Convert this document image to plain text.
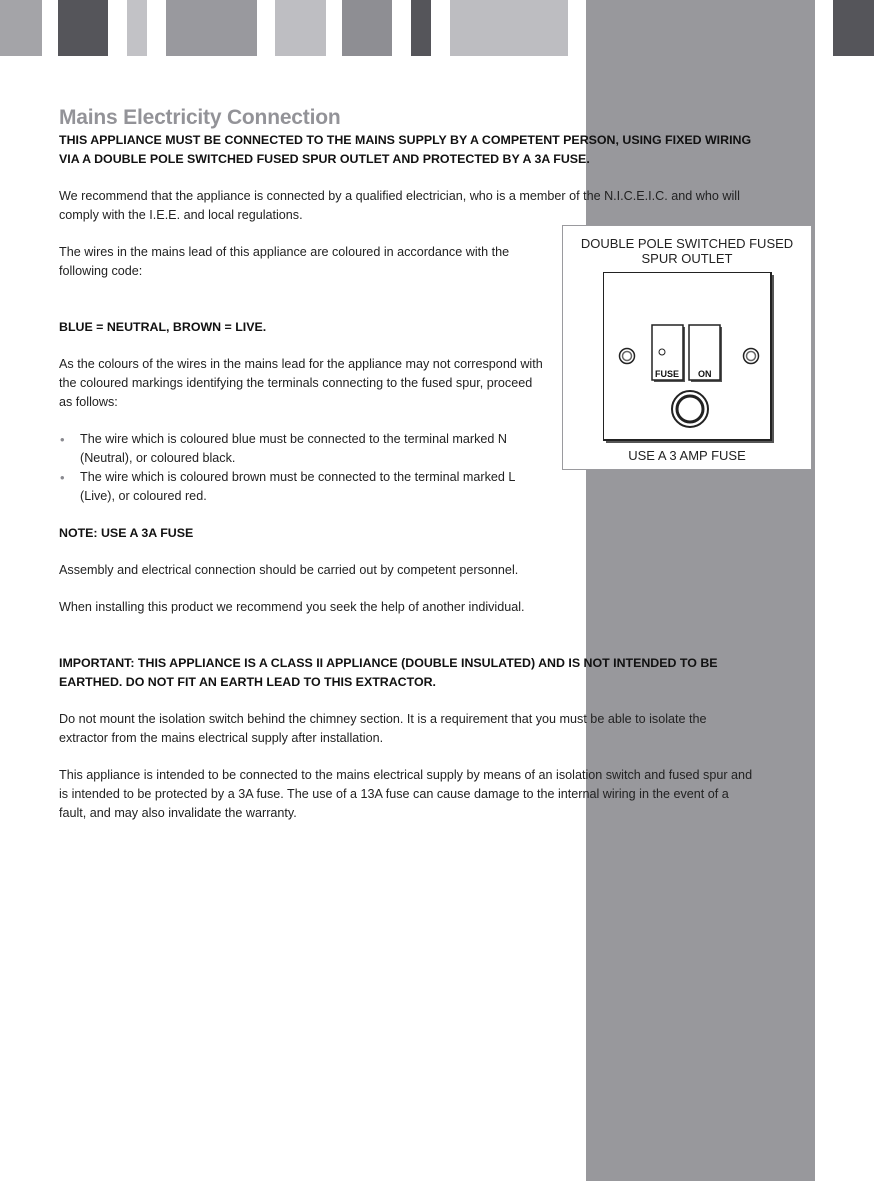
Mains Electricity Connection

THIS APPLIANCE MUST BE CONNECTED TO THE MAINS SUPPLY BY A COMPETENT PERSON, USING FIXED WIRING VIA A DOUBLE POLE SWITCHED FUSED SPUR OUTLET AND PROTECTED BY A 3A FUSE.

We recommend that the appliance is connected by a qualified electrician, who is a member of the N.I.C.E.I.C. and who will comply with the I.E.E. and local regulations.

The wires in the mains lead of this appliance are coloured in accordance with the following code:

BLUE = NEUTRAL, BROWN = LIVE.

As the colours of the wires in the mains lead for the appliance may not correspond with the coloured markings identifying the terminals connecting to the fused spur, proceed as follows:

• The wire which is coloured blue must be connected to the terminal marked N (Neutral), or coloured black.
• The wire which is coloured brown must be connected to the terminal marked L (Live), or coloured red.

NOTE: USE A 3A FUSE

Assembly and electrical connection should be carried out by competent personnel.

When installing this product we recommend you seek the help of another individual.

IMPORTANT: THIS APPLIANCE IS A CLASS II APPLIANCE (DOUBLE INSULATED) AND IS NOT INTENDED TO BE EARTHED. DO NOT FIT AN EARTH LEAD TO THIS EXTRACTOR.

Do not mount the isolation switch behind the chimney section. It is a requirement that you must be able to isolate the extractor from the mains electrical supply after installation.

This appliance is intended to be connected to the mains electrical supply by means of an isolation switch and fused spur and is intended to be protected by a 3A fuse. The use of a 13A fuse can cause damage to the internal wiring in the event of a fault, and may also invalidate the warranty.

DOUBLE POLE SWITCHED FUSED SPUR OUTLET
FUSE ON
USE A 3 AMP FUSE
